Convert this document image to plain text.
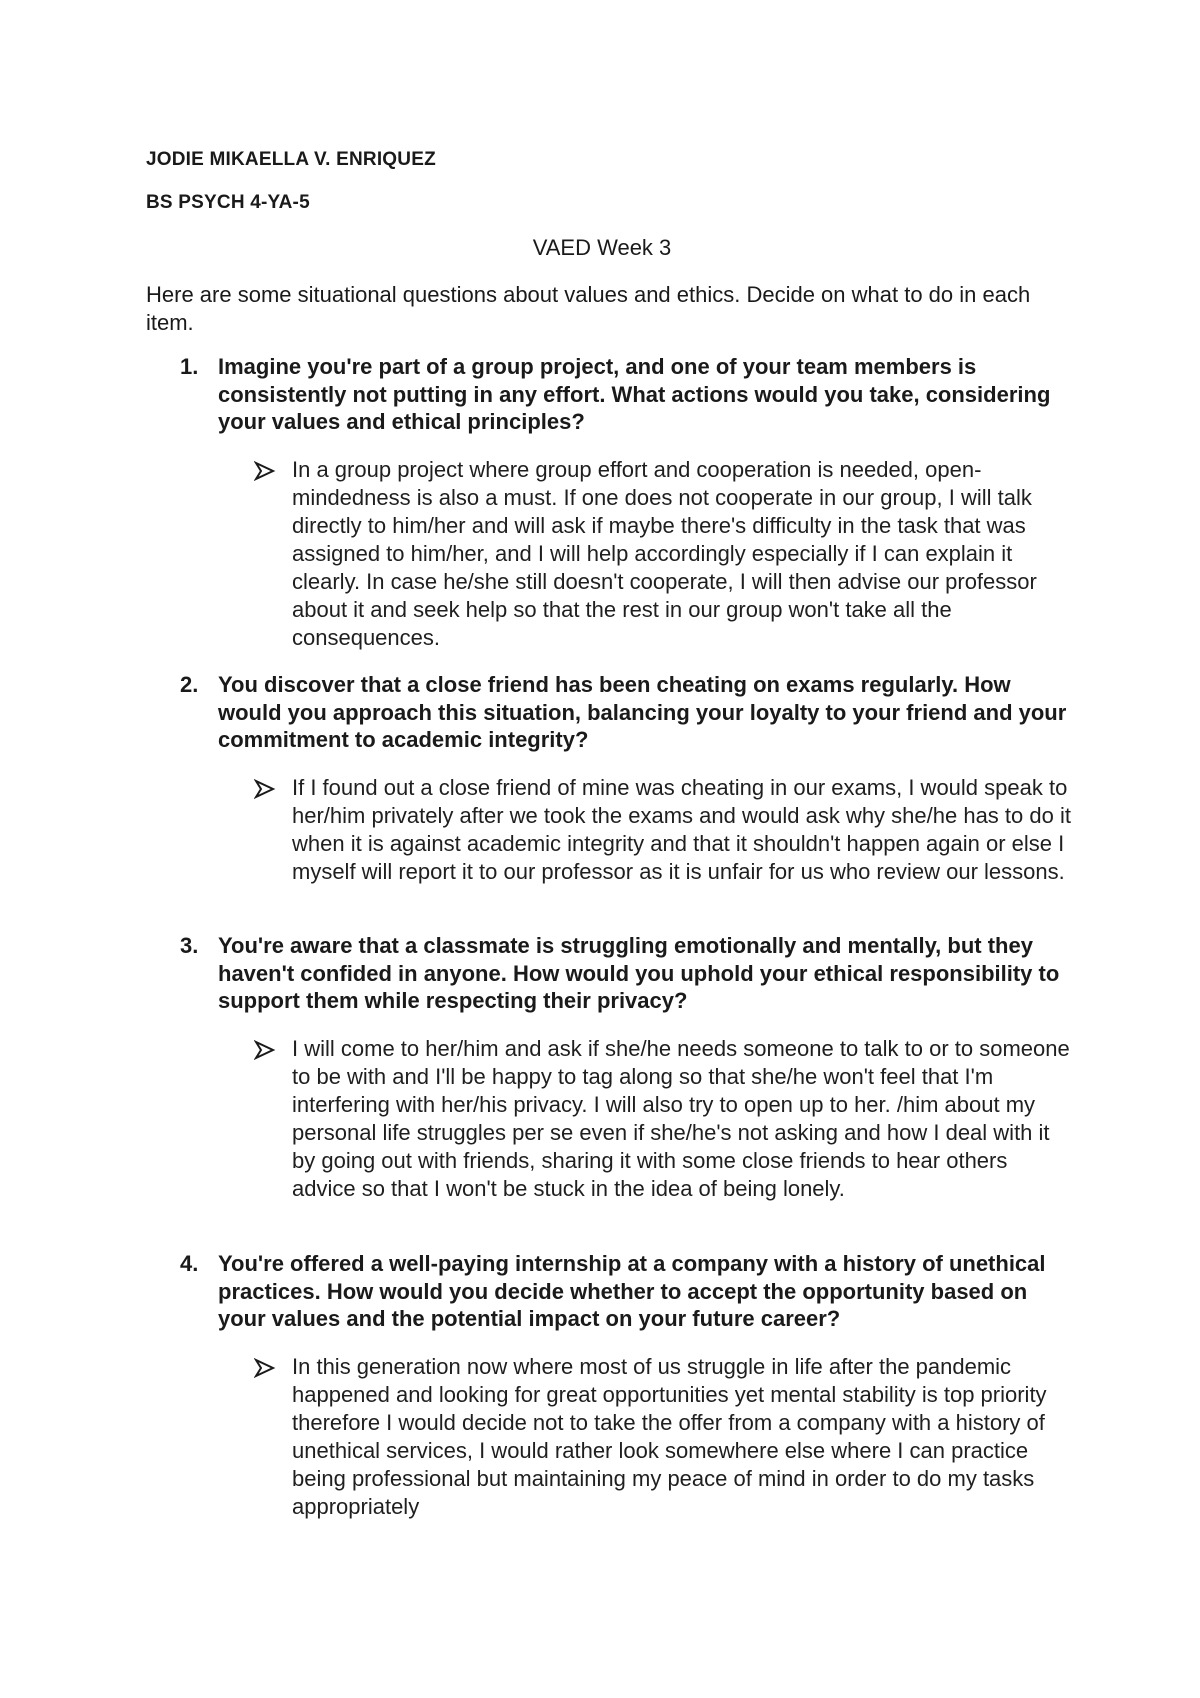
JODIE MIKAELLA V. ENRIQUEZ
BS PSYCH 4-YA-5
VAED Week 3
Here are some situational questions about values and ethics. Decide on what to do in each item.
1. Imagine you're part of a group project, and one of your team members is consistently not putting in any effort. What actions would you take, considering your values and ethical principles?
In a group project where group effort and cooperation is needed, open-mindedness is also a must. If one does not cooperate in our group, I will talk directly to him/her and will ask if maybe there's difficulty in the task that was assigned to him/her, and I will help accordingly especially if I can explain it clearly. In case he/she still doesn't cooperate, I will then advise our professor about it and seek help so that the rest in our group won't take all the consequences.
2. You discover that a close friend has been cheating on exams regularly. How would you approach this situation, balancing your loyalty to your friend and your commitment to academic integrity?
If I found out a close friend of mine was cheating in our exams, I would speak to her/him privately after we took the exams and would ask why she/he has to do it when it is against academic integrity and that it shouldn't happen again or else I myself will report it to our professor as it is unfair for us who review our lessons.
3. You're aware that a classmate is struggling emotionally and mentally, but they haven't confided in anyone. How would you uphold your ethical responsibility to support them while respecting their privacy?
I will come to her/him and ask if she/he needs someone to talk to or to someone to be with and I'll be happy to tag along so that she/he won't feel that I'm interfering with her/his privacy. I will also try to open up to her. /him about my personal life struggles per se even if she/he's not asking and how I deal with it by going out with friends, sharing it with some close friends to hear others advice so that I won't be stuck in the idea of being lonely.
4. You're offered a well-paying internship at a company with a history of unethical practices. How would you decide whether to accept the opportunity based on your values and the potential impact on your future career?
In this generation now where most of us struggle in life after the pandemic happened and looking for great opportunities yet mental stability is top priority therefore I would decide not to take the offer from a company with a history of unethical services, I would rather look somewhere else where I can practice being professional but maintaining my peace of mind in order to do my tasks appropriately
